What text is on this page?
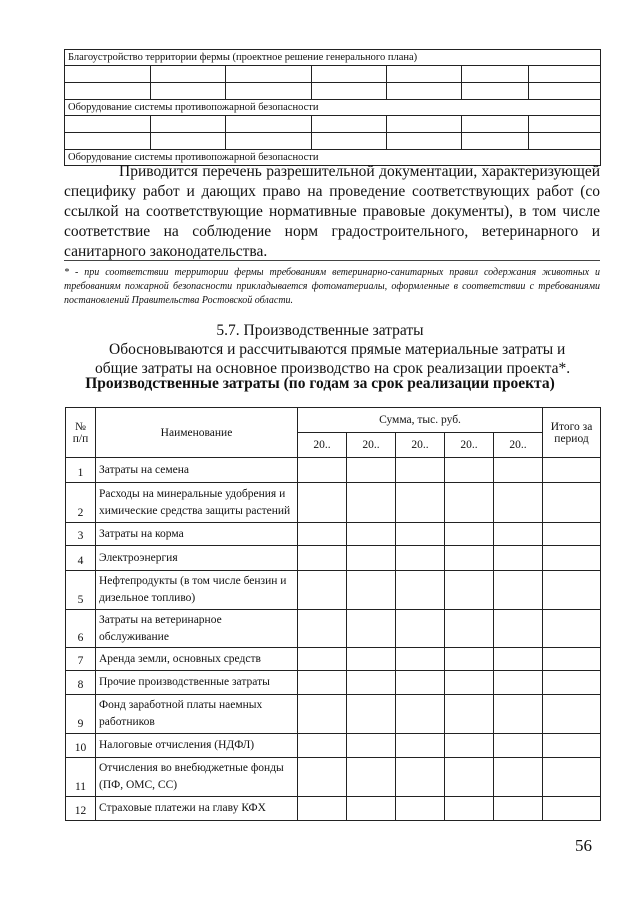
Благоустройство территории фермы (проектное решение генерального плана)						

Оборудование системы противопожарной безопасности						

Оборудование системы противопожарной безопасности						

Приводится перечень разрешительной документации, характеризующей специфику работ и дающих право на проведение соответствующих работ (со ссылкой на соответствующие нормативные правовые документы), в том числе соответствие на соблюдение норм градостроительного, ветеринарного и санитарного законодательства.

* - при соответствии территории фермы требованиям ветеринарно-санитарных правил содержания животных и требованиям пожарной безопасности прикладывается фотоматериалы, оформленные в соответствии с требованиями постановлений Правительства Ростовской области.

5.7. Производственные затраты

Обосновываются и рассчитываются прямые материальные затраты и общие затраты на основное производство на срок реализации проекта*.

Производственные затраты (по годам за срок реализации проекта)
№ п/п	Наименование	Сумма, тыс. руб.					Итого за период
		20..	20..	20..	20..	20..	
1	Затраты на семена						
2	Расходы на минеральные удобрения и химические средства защиты растений						
3	Затраты на корма						
4	Электроэнергия						
5	Нефтепродукты (в том числе бензин и дизельное топливо)						
6	Затраты на ветеринарное обслуживание						
7	Аренда земли, основных средств						
8	Прочие производственные затраты						
9	Фонд заработной платы наемных работников						
10	Налоговые отчисления (НДФЛ)						
11	Отчисления во внебюджетные фонды (ПФ, ОМС, СС)						
12	Страховые платежи на главу КФХ						
56
